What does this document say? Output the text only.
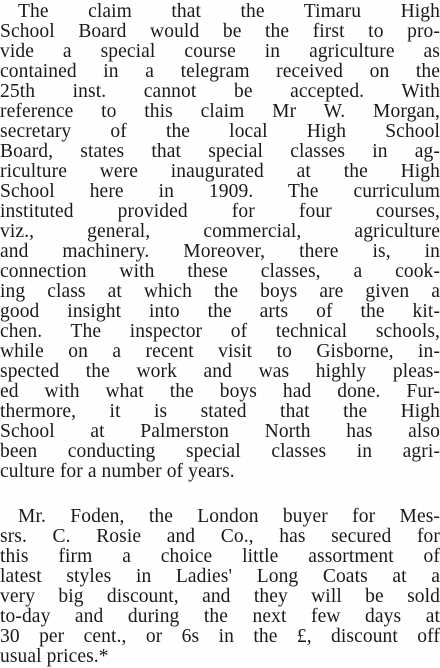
The claim that the Timaru High
School Board would be the first to pro-
vide a special course in agriculture as
contained in a telegram received on the
25th inst. cannot be accepted. With
reference to this claim Mr W. Morgan,
secretary of the local High School
Board, states that special classes in ag-
riculture were inaugurated at the High
School here in 1909. The curriculum
instituted provided for four courses,
viz., general, commercial, agriculture
and machinery. Moreover, there is, in
connection with these classes, a cook-
ing class at which the boys are given a
good insight into the arts of the kit-
chen. The inspector of technical schools,
while on a recent visit to Gisborne, in-
spected the work and was highly pleas-
ed with what the boys had done. Fur-
thermore, it is stated that the High
School at Palmerston North has also
been conducting special classes in agri-
culture for a number of years.
Mr. Foden, the London buyer for Mes-
srs. C. Rosie and Co., has secured for
this firm a choice little assortment of
latest styles in Ladies' Long Coats at a
very big discount, and they will be sold
to-day and during the next few days at
30 per cent., or 6s in the £, discount off
usual prices.*
